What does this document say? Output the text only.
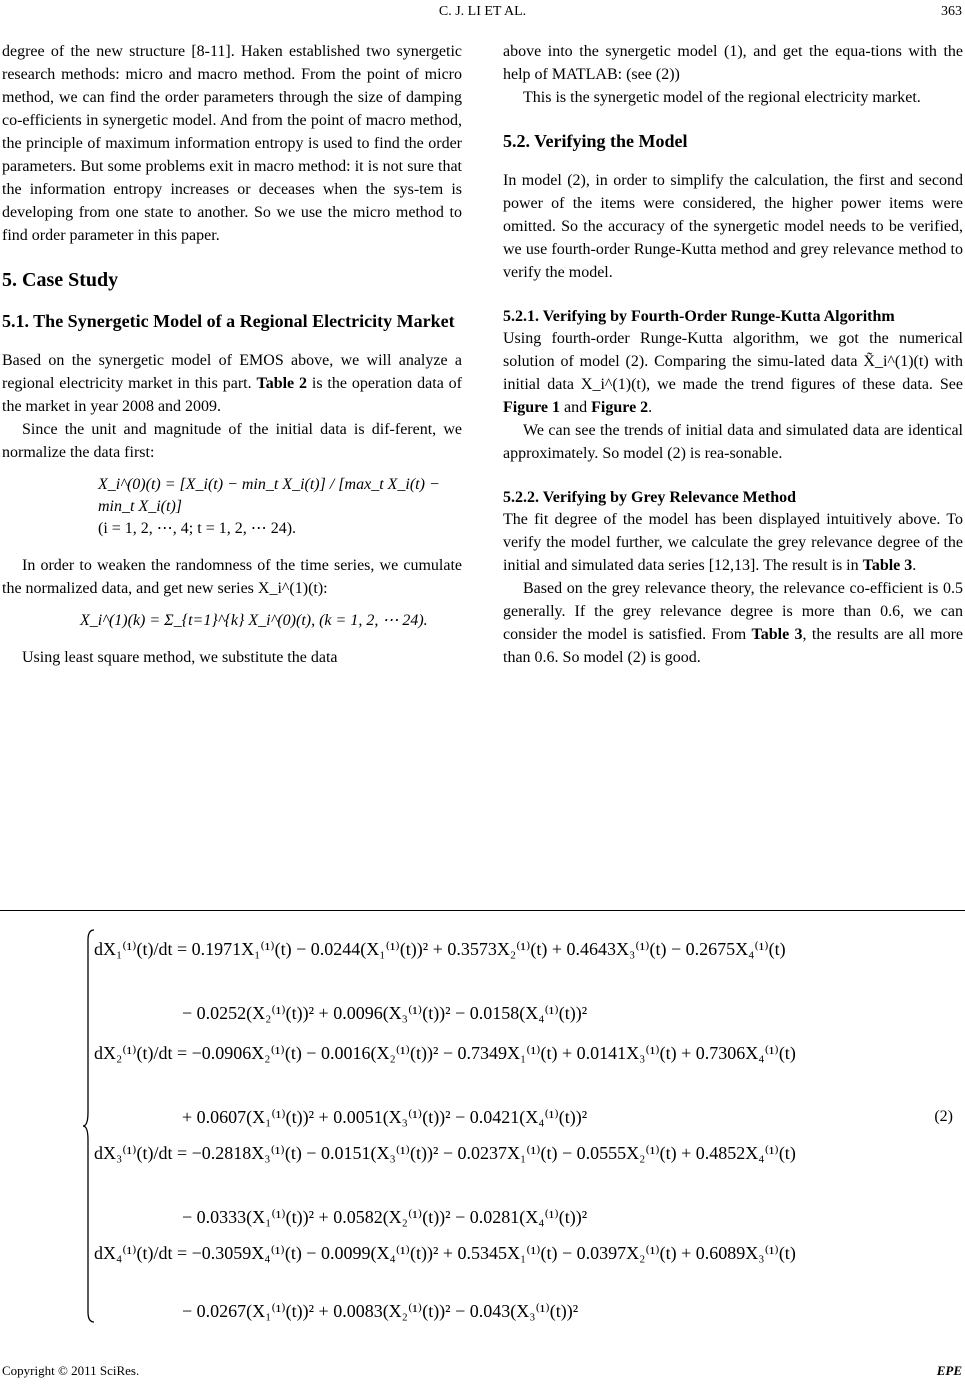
C. J. LI ET AL.	363

degree of the new structure [8-11]. Haken established two synergetic research methods: micro and macro method. From the point of micro method, we can find the order parameters through the size of damping co-efficients in synergetic model. And from the point of macro method, the principle of maximum information entropy is used to find the order parameters. But some problems exit in macro method: it is not sure that the information entropy increases or deceases when the sys-tem is developing from one state to another. So we use the micro method to find order parameter in this paper.

5. Case Study
5.1. The Synergetic Model of a Regional Electricity Market

Based on the synergetic model of EMOS above, we will analyze a regional electricity market in this part. Table 2 is the operation data of the market in year 2008 and 2009.

Since the unit and magnitude of the initial data is dif-ferent, we normalize the data first:

X_i^(0)(t) = [X_i(t) − min_t X_i(t)] / [max_t X_i(t) − min_t X_i(t)]
(i = 1, 2, ⋯, 4; t = 1, 2, ⋯ 24).

In order to weaken the randomness of the time series, we cumulate the normalized data, and get new series X_i^(1)(t):

X_i^(1)(k) = Σ_{t=1}^{k} X_i^(0)(t), (k = 1, 2, ⋯ 24).

Using least square method, we substitute the data

above into the synergetic model (1), and get the equa-tions with the help of MATLAB: (see (2))

This is the synergetic model of the regional electricity market.

5.2. Verifying the Model

In model (2), in order to simplify the calculation, the first and second power of the items were considered, the higher power items were omitted. So the accuracy of the synergetic model needs to be verified, we use fourth-order Runge-Kutta method and grey relevance method to verify the model.

5.2.1. Verifying by Fourth-Order Runge-Kutta Algorithm

Using fourth-order Runge-Kutta algorithm, we got the numerical solution of model (2). Comparing the simu-lated data X̃_i^(1)(t) with initial data X_i^(1)(t), we made the trend figures of these data. See Figure 1 and Figure 2.

We can see the trends of initial data and simulated data are identical approximately. So model (2) is rea-sonable.

5.2.2. Verifying by Grey Relevance Method

The fit degree of the model has been displayed intuitively above. To verify the model further, we calculate the grey relevance degree of the initial and simulated data series [12,13]. The result is in Table 3.

Based on the grey relevance theory, the relevance co-efficient is 0.5 generally. If the grey relevance degree is more than 0.6, we can consider the model is satisfied. From Table 3, the results are all more than 0.6. So model (2) is good.

dX₁⁽¹⁾(t)/dt = 0.1971X₁⁽¹⁾(t) − 0.0244(X₁⁽¹⁾(t))² + 0.3573X₂⁽¹⁾(t) + 0.4643X₃⁽¹⁾(t) − 0.2675X₄⁽¹⁾(t)
− 0.0252(X₂⁽¹⁾(t))² + 0.0096(X₃⁽¹⁾(t))² − 0.0158(X₄⁽¹⁾(t))²
dX₂⁽¹⁾(t)/dt = −0.0906X₂⁽¹⁾(t) − 0.0016(X₂⁽¹⁾(t))² − 0.7349X₁⁽¹⁾(t) + 0.0141X₃⁽¹⁾(t) + 0.7306X₄⁽¹⁾(t)
+ 0.0607(X₁⁽¹⁾(t))² + 0.0051(X₃⁽¹⁾(t))² − 0.0421(X₄⁽¹⁾(t))²
dX₃⁽¹⁾(t)/dt = −0.2818X₃⁽¹⁾(t) − 0.0151(X₃⁽¹⁾(t))² − 0.0237X₁⁽¹⁾(t) − 0.0555X₂⁽¹⁾(t) + 0.4852X₄⁽¹⁾(t)
− 0.0333(X₁⁽¹⁾(t))² + 0.0582(X₂⁽¹⁾(t))² − 0.0281(X₄⁽¹⁾(t))²
dX₄⁽¹⁾(t)/dt = −0.3059X₄⁽¹⁾(t) − 0.0099(X₄⁽¹⁾(t))² + 0.5345X₁⁽¹⁾(t) − 0.0397X₂⁽¹⁾(t) + 0.6089X₃⁽¹⁾(t)
− 0.0267(X₁⁽¹⁾(t))² + 0.0083(X₂⁽¹⁾(t))² − 0.043(X₃⁽¹⁾(t))²
(2)
Copyright © 2011 SciRes.	EPE
